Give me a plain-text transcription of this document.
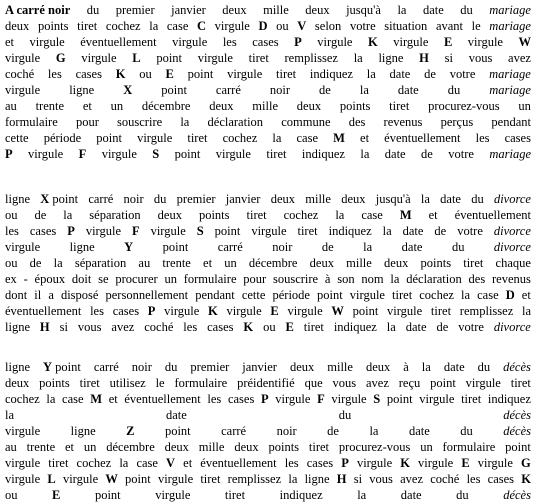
A carré noir du premier janvier deux mille deux jusqu'à la date du mariage
deux points tiret cochez la case C virgule D ou V selon votre situation avant le mariage
et virgule éventuellement virgule les cases P virgule K virgule E virgule W
virgule G virgule L point virgule tiret remplissez la ligne H si vous avez
coché les cases K ou E point virgule tiret indiquez la date de votre mariage
virgule ligne X point carré noir de la date du mariage
au trente et un décembre deux mille deux points tiret procurez-vous un
formulaire pour souscrire la déclaration commune des revenus perçus pendant
cette période point virgule tiret cochez la case M et éventuellement les cases
P virgule F virgule S point virgule tiret indiquez la date de votre mariage
ligne X point carré noir du premier janvier deux mille deux jusqu'à la date du divorce
ou de la séparation deux points tiret cochez la case M et éventuellement
les cases P virgule F virgule S point virgule tiret indiquez la date de votre divorce
virgule ligne Y point carré noir de la date du divorce
ou de la séparation au trente et un décembre deux mille deux points tiret chaque
ex - époux doit se procurer un formulaire pour souscrire à son nom la déclaration des revenus
dont il a disposé personnellement pendant cette période point virgule tiret cochez la case D et
éventuellement les cases P virgule K virgule E virgule W point virgule tiret remplissez la
ligne H si vous avez coché les cases K ou E tiret indiquez la date de votre divorce
ligne Y point carré noir du premier janvier deux mille deux à la date du décès
deux points tiret utilisez le formulaire préidentifié que vous avez reçu point virgule tiret
cochez la case M et éventuellement les cases P virgule F virgule S point virgule tiret indiquez
la	date	du	décès
virgule ligne Z point carré noir de la date du décès
au trente et un décembre deux mille deux points tiret procurez-vous un formulaire point
virgule tiret cochez la case V et éventuellement les cases P virgule K virgule E virgule G
virgule L virgule W point virgule tiret remplissez la ligne H si vous avez coché les cases K
ou	E	point	virgule	tiret	indiquez	la	date	du	décès
